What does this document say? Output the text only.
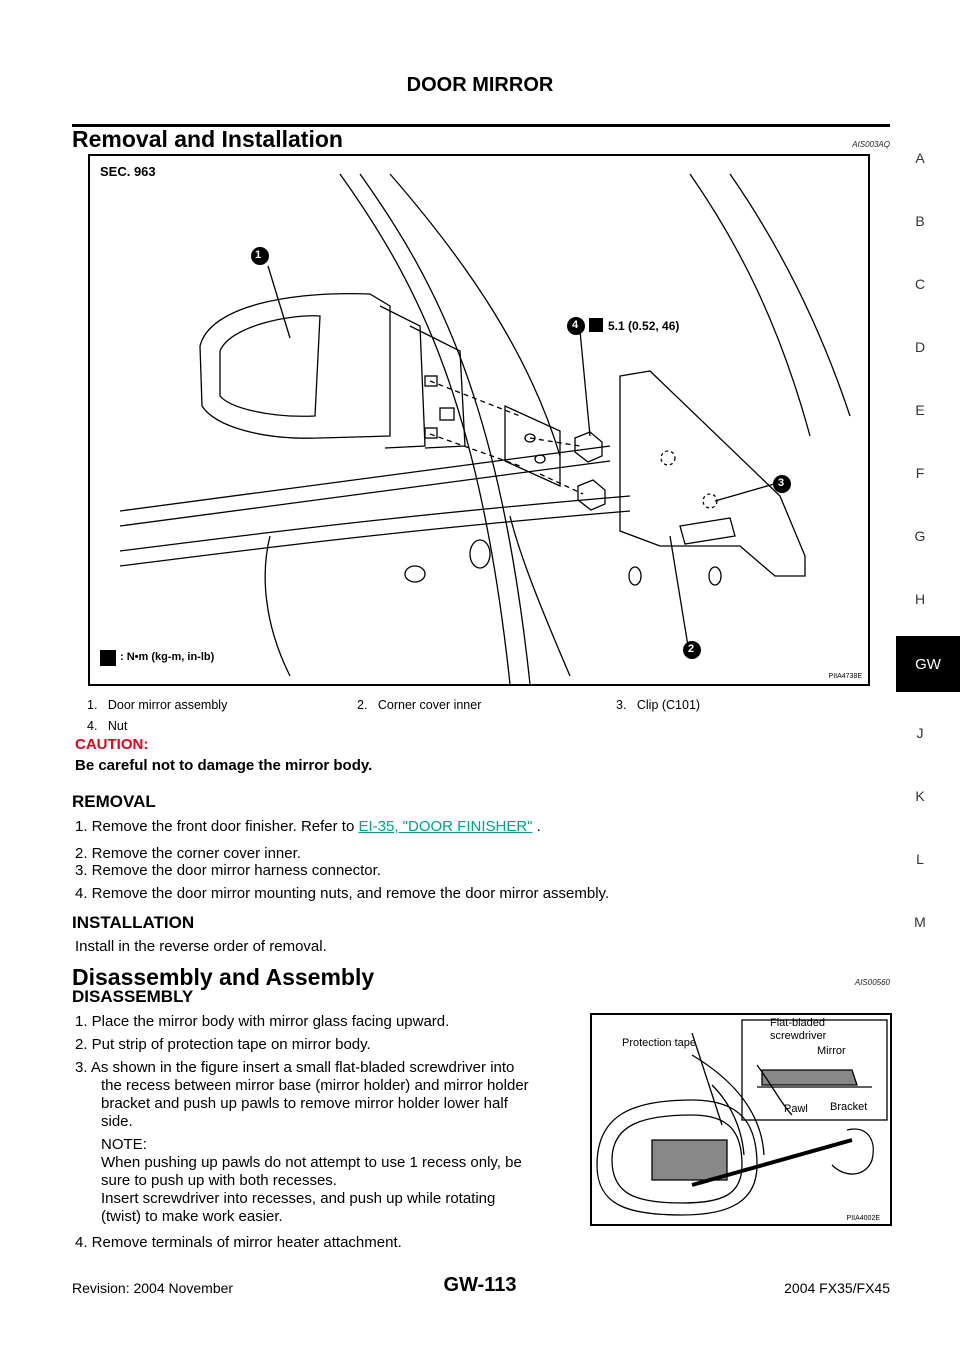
DOOR MIRROR
Removal and Installation	AIS003AQ
A
B
C
D
E
F
G
H
GW
J
K
L
M
SEC. 963
5.1 (0.52, 46)
: N•m (kg-m, in-lb)
1
2
3
4
PIIA4738E
1. Door mirror assembly	2. Corner cover inner	3. Clip (C101)
4. Nut
CAUTION:
Be careful not to damage the mirror body.
REMOVAL
1. Remove the front door finisher. Refer to EI-35, "DOOR FINISHER" .
2. Remove the corner cover inner.
3. Remove the door mirror harness connector.
4. Remove the door mirror mounting nuts, and remove the door mirror assembly.
INSTALLATION
Install in the reverse order of removal.
Disassembly and Assembly	AIS00560
DISASSEMBLY
1. Place the mirror body with mirror glass facing upward.
2. Put strip of protection tape on mirror body.
3. As shown in the figure insert a small flat-bladed screwdriver into
the recess between mirror base (mirror holder) and mirror holder
bracket and push up pawls to remove mirror holder lower half
side.
NOTE:
When pushing up pawls do not attempt to use 1 recess only, be
sure to push up with both recesses.
Insert screwdriver into recesses, and push up while rotating
(twist) to make work easier.
4. Remove terminals of mirror heater attachment.
Protection tape
Flat-bladed
screwdriver
Mirror
Pawl Bracket
PIIA4002E
Revision: 2004 November	GW-113	2004 FX35/FX45
